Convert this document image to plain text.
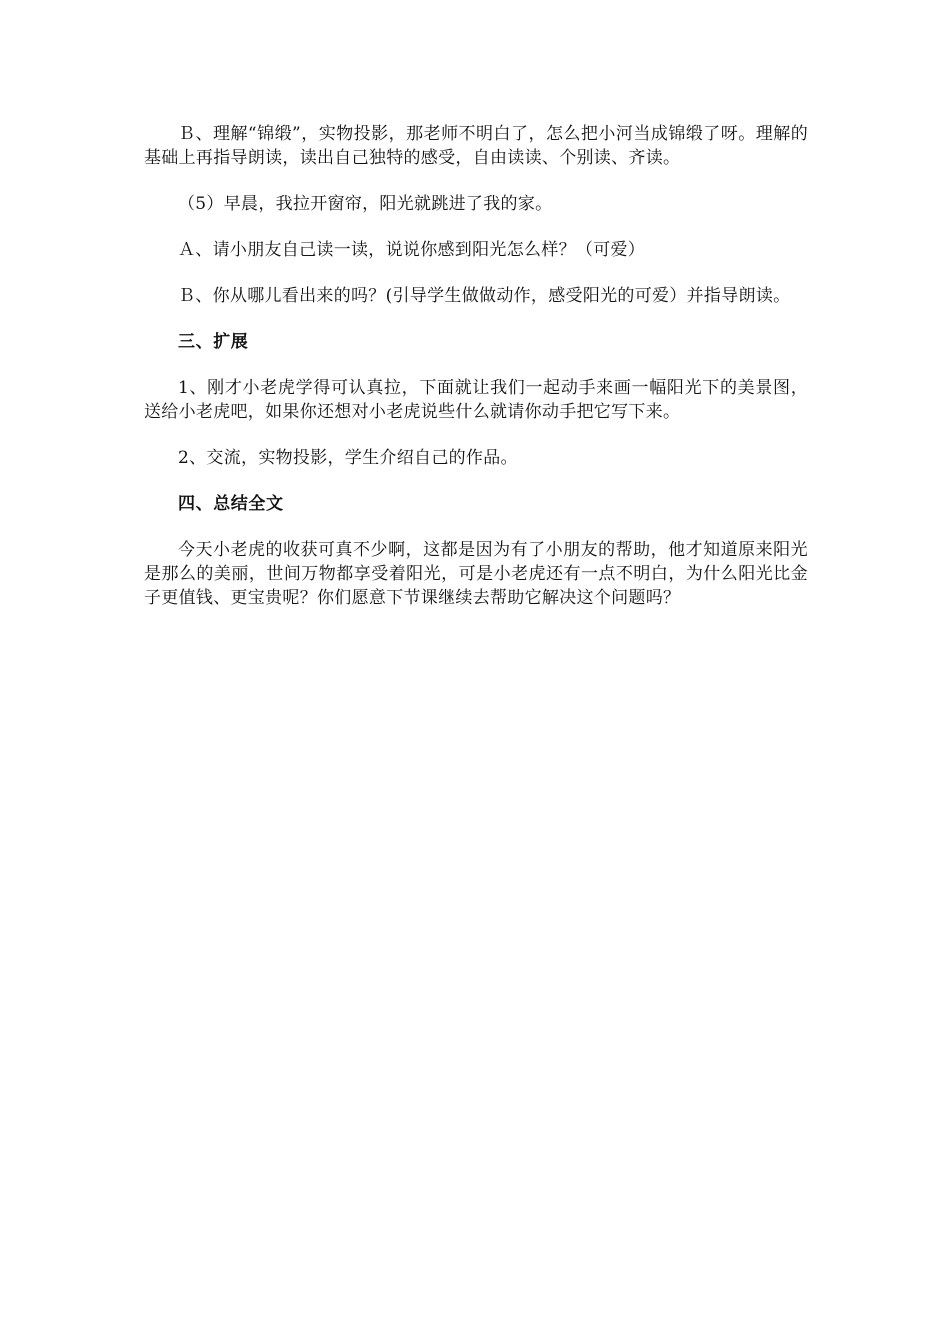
Ｂ、理解“锦缎”，实物投影，那老师不明白了，怎么把小河当成锦缎了呀。理解的基础上再指导朗读，读出自己独特的感受，自由读读、个别读、齐读。

（5）早晨，我拉开窗帘，阳光就跳进了我的家。

Ａ、请小朋友自己读一读，说说你感到阳光怎么样？（可爱）

Ｂ、你从哪儿看出来的吗？(引导学生做做动作，感受阳光的可爱）并指导朗读。

三、扩展

1、刚才小老虎学得可认真拉，下面就让我们一起动手来画一幅阳光下的美景图，送给小老虎吧，如果你还想对小老虎说些什么就请你动手把它写下来。

2、交流，实物投影，学生介绍自己的作品。

四、总结全文

今天小老虎的收获可真不少啊，这都是因为有了小朋友的帮助，他才知道原来阳光是那么的美丽，世间万物都享受着阳光，可是小老虎还有一点不明白，为什么阳光比金子更值钱、更宝贵呢？你们愿意下节课继续去帮助它解决这个问题吗？
